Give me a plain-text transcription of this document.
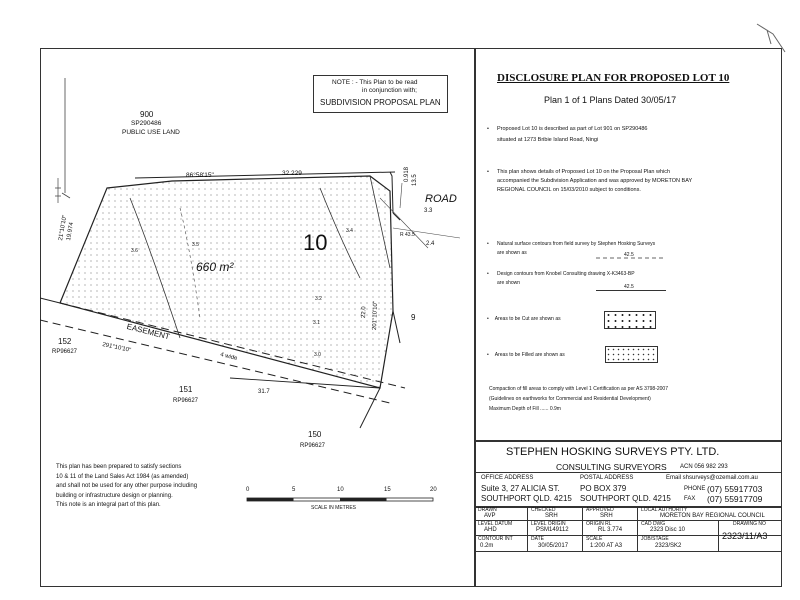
NOTE : - This Plan to be read
in conjunction with;
SUBDIVISION PROPOSAL PLAN
900
SP290486
PUBLIC USE LAND
86°58'15"	32.229
10
660 m²
ROAD
21°10'10"
19.974
201°10'10"
22.0
0.918 13.5
3.3
2.4
R 43.5
9
152
RP96627
EASEMENT
4 wide
291°10'10"
151
RP96627
31.7
150
RP96627
3.6
3.5
3.4
3.2
3.1
3.0
0	5	10	15	20
SCALE IN METRES
This plan has been prepared to satisfy sections
10 & 11 of the Land Sales Act 1984 (as amended)
and shall not be used for any other purpose including
building or infrastructure design or planning.
This note is an integral part of this plan.
DISCLOSURE PLAN FOR PROPOSED LOT 10
Plan 1 of 1 Plans Dated 30/05/17
•	Proposed Lot 10 is described as part of Lot 901 on SP290486
situated at 1273 Bribie Island Road, Ningi
•	This plan shows details of Proposed Lot 10 on the Proposal Plan which
accompanied the Subdivision Application and was approved by MORETON BAY
REGIONAL COUNCIL on 15/03/2010 subject to conditions.
•	Natural surface contours from field survey by Stephen Hosking Surveys
are shown as	42.5
•	Design contours from Knobel Consulting drawing X-K3463-BP
are shown
42.5
• Areas to be Cut are shown as
• Areas to be Filled are shown as
Compaction of fill areas to comply with Level 1 Certification as per AS 3798-2007
(Guidelines on earthworks for Commercial and Residential Development)
Maximum Depth of Fill ...... 0.9m
STEPHEN HOSKING SURVEYS PTY. LTD.
CONSULTING SURVEYORS ACN 056 982 293
OFFICE ADDRESS
Suite 3, 27 ALICIA ST.
SOUTHPORT QLD. 4215
POSTAL ADDRESS
PO BOX 379
SOUTHPORT QLD. 4215
Email shsurveys@ozemail.com.au
PHONE (07) 55917703
FAX (07) 55917709
DRAWN
AVP
CHECKED
SRH
APPROVED
SRH
LOCAL AUTHORITY
MORETON BAY REGIONAL COUNCIL
LEVEL DATUM
AHD
LEVEL ORIGIN
PSM149112
ORIGIN RL
RL 3.774
CAD DWG
2323 Disc 10
DRAWING NO
2323/11/A3
CONTOUR INT
0.2m
DATE
30/05/2017
SCALE
1:200 AT A3
JOB/STAGE
2323/SK2
